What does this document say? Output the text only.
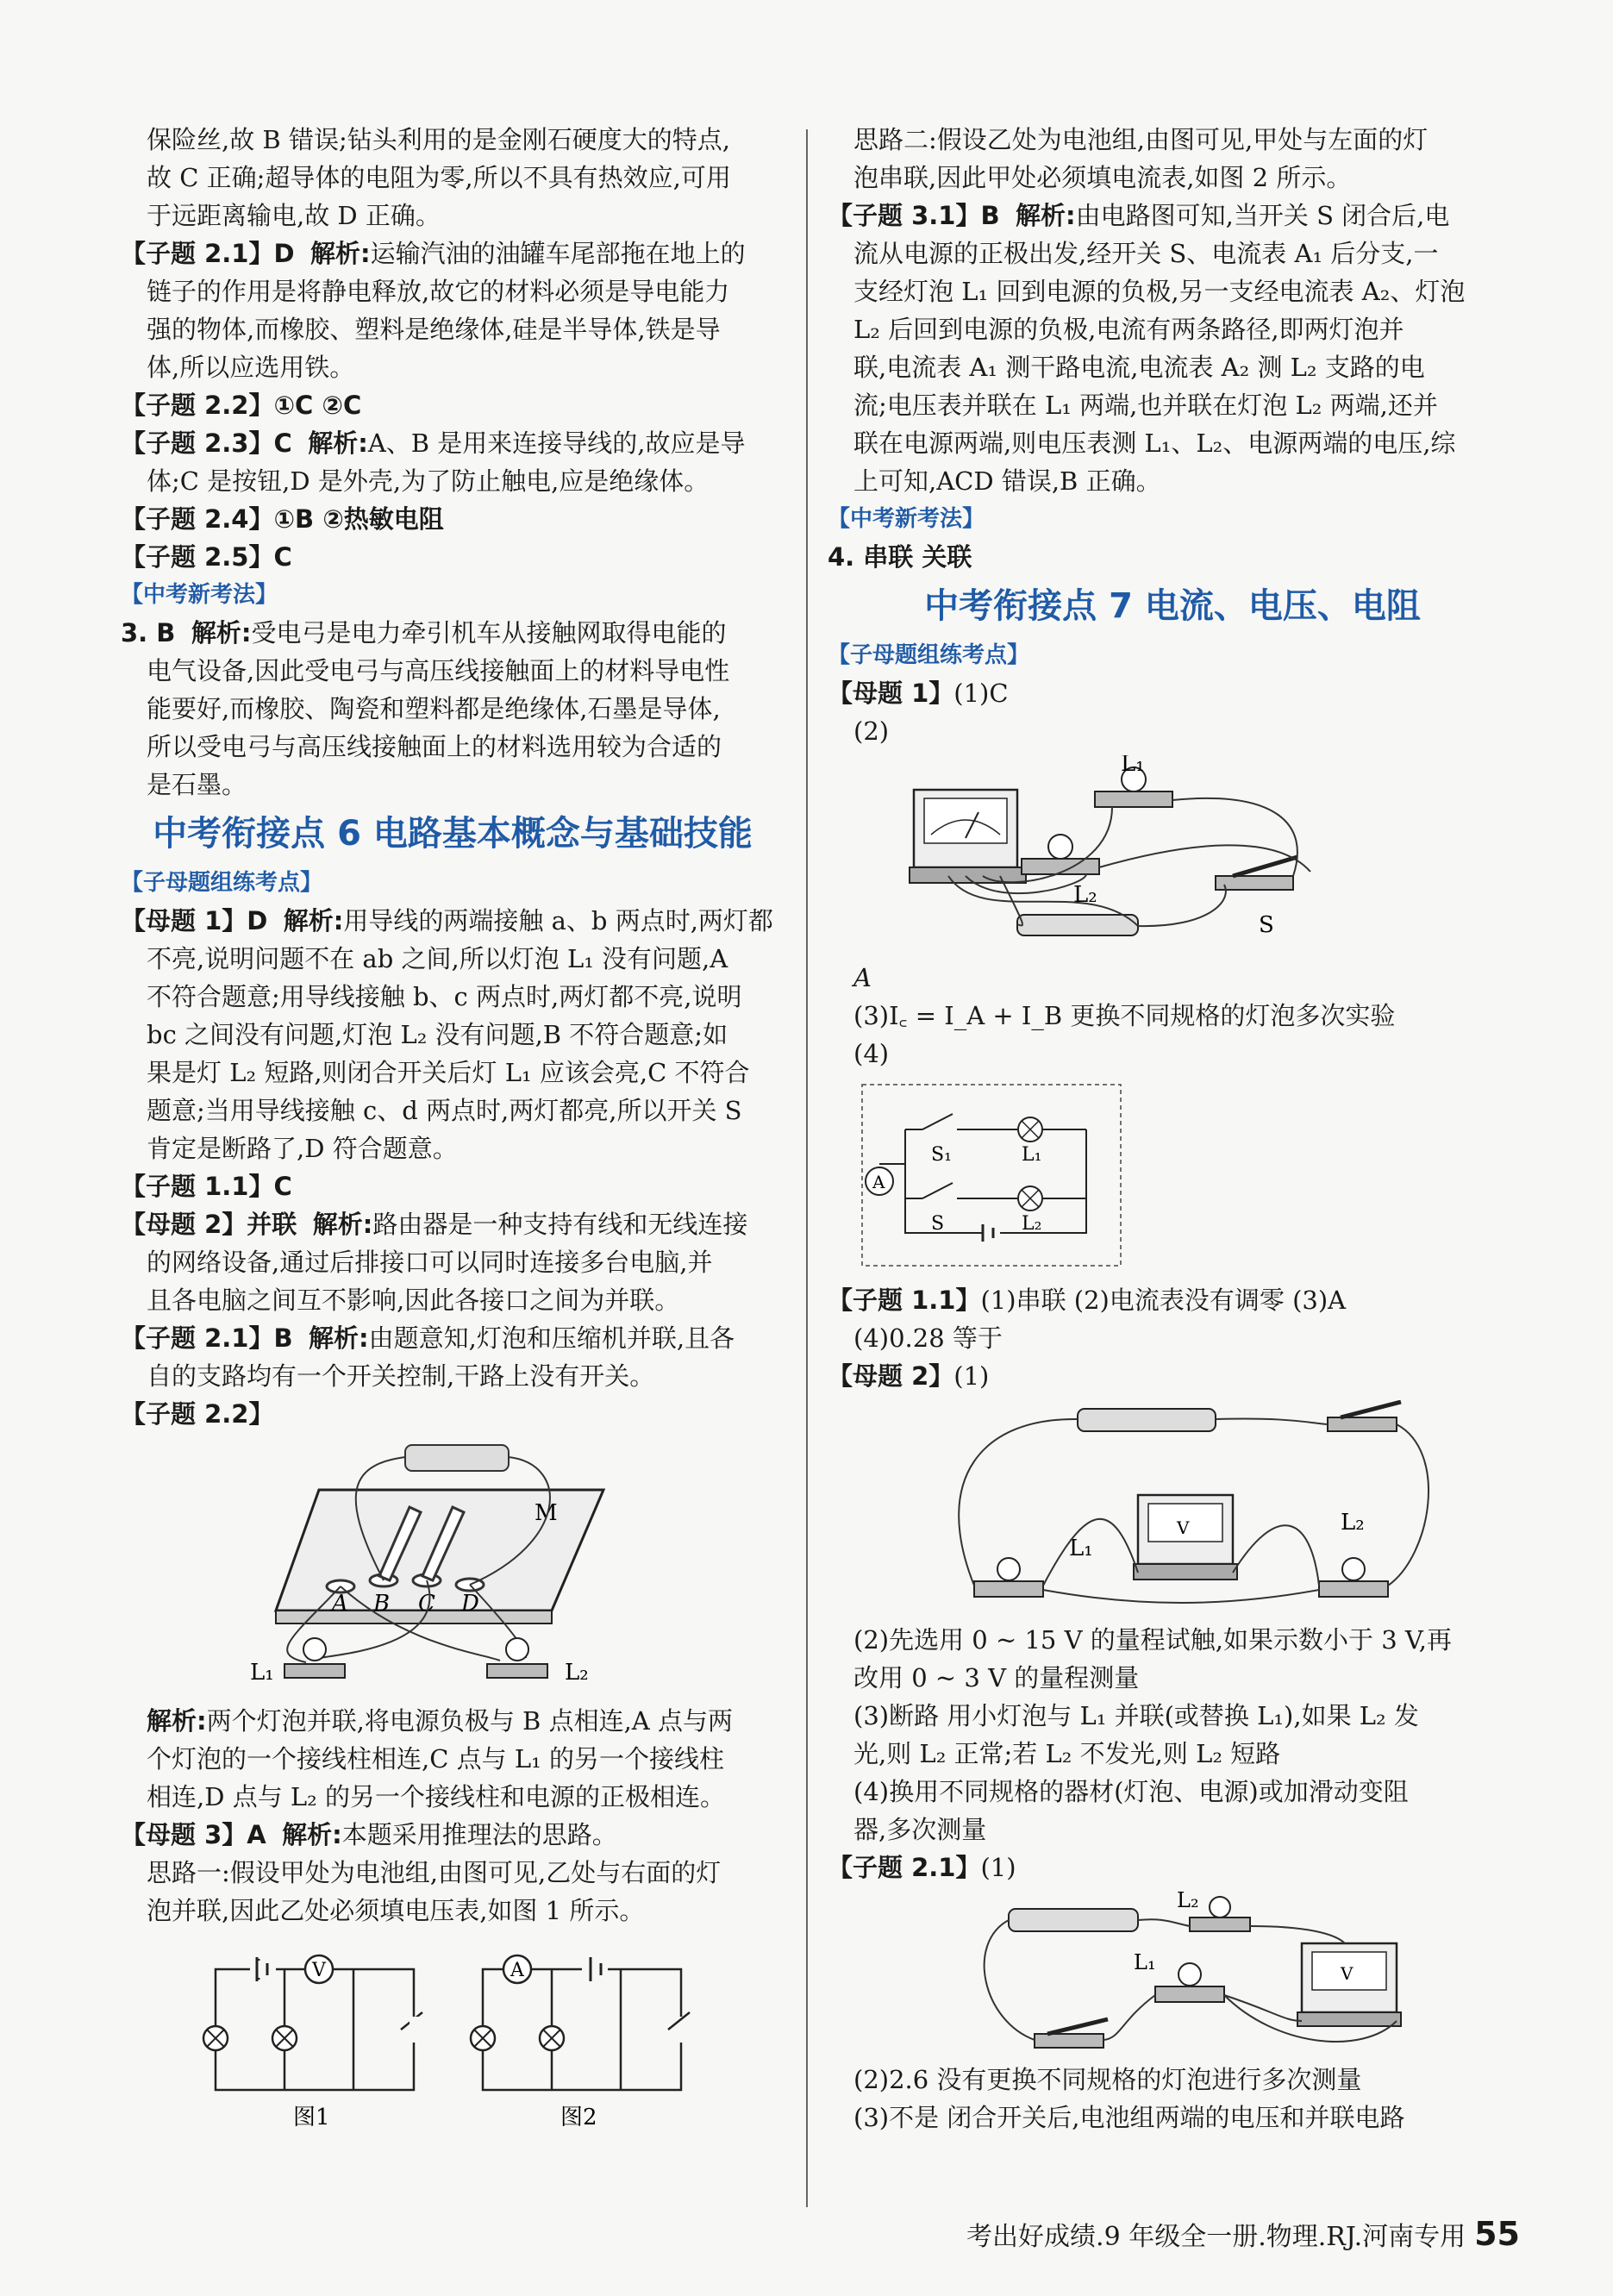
保险丝,故 B 错误;钻头利用的是金刚石硬度大的特点,

故 C 正确;超导体的电阻为零,所以不具有热效应,可用

于远距离输电,故 D 正确。

【子题 2.1】D 解析:运输汽油的油罐车尾部拖在地上的

链子的作用是将静电释放,故它的材料必须是导电能力

强的物体,而橡胶、塑料是绝缘体,硅是半导体,铁是导

体,所以应选用铁。

【子题 2.2】①C ②C

【子题 2.3】C 解析:A、B 是用来连接导线的,故应是导

体;C 是按钮,D 是外壳,为了防止触电,应是绝缘体。

【子题 2.4】①B ②热敏电阻

【子题 2.5】C

【中考新考法】

3. B 解析:受电弓是电力牵引机车从接触网取得电能的

电气设备,因此受电弓与高压线接触面上的材料导电性

能要好,而橡胶、陶瓷和塑料都是绝缘体,石墨是导体,

所以受电弓与高压线接触面上的材料选用较为合适的

是石墨。

中考衔接点 6 电路基本概念与基础技能

【子母题组练考点】

【母题 1】D 解析:用导线的两端接触 a、b 两点时,两灯都

不亮,说明问题不在 ab 之间,所以灯泡 L₁ 没有问题,A

不符合题意;用导线接触 b、c 两点时,两灯都不亮,说明

bc 之间没有问题,灯泡 L₂ 没有问题,B 不符合题意;如

果是灯 L₂ 短路,则闭合开关后灯 L₁ 应该会亮,C 不符合

题意;当用导线接触 c、d 两点时,两灯都亮,所以开关 S

肯定是断路了,D 符合题意。

【子题 1.1】C

【母题 2】并联 解析:路由器是一种支持有线和无线连接

的网络设备,通过后排接口可以同时连接多台电脑,并

且各电脑之间互不影响,因此各接口之间为并联。

【子题 2.1】B 解析:由题意知,灯泡和压缩机并联,且各

自的支路均有一个开关控制,干路上没有开关。

【子题 2.2】

M
A B C D
L₁	L₂

解析:两个灯泡并联,将电源负极与 B 点相连,A 点与两

个灯泡的一个接线柱相连,C 点与 L₁ 的另一个接线柱

相连,D 点与 L₂ 的另一个接线柱和电源的正极相连。

【母题 3】A 解析:本题采用推理法的思路。

思路一:假设甲处为电池组,由图可见,乙处与右面的灯

泡并联,因此乙处必须填电压表,如图 1 所示。

V	A
图1	图2

思路二:假设乙处为电池组,由图可见,甲处与左面的灯

泡串联,因此甲处必须填电流表,如图 2 所示。

【子题 3.1】B 解析:由电路图可知,当开关 S 闭合后,电

流从电源的正极出发,经开关 S、电流表 A₁ 后分支,一

支经灯泡 L₁ 回到电源的负极,另一支经电流表 A₂、灯泡

L₂ 后回到电源的负极,电流有两条路径,即两灯泡并

联,电流表 A₁ 测干路电流,电流表 A₂ 测 L₂ 支路的电

流;电压表并联在 L₁ 两端,也并联在灯泡 L₂ 两端,还并

联在电源两端,则电压表测 L₁、L₂、电源两端的电压,综

上可知,ACD 错误,B 正确。

【中考新考法】

4. 串联 关联

中考衔接点 7 电流、电压、电阻

【子母题组练考点】

【母题 1】(1)C

(2)

L₁
L₂
S

A

(3)I꜀ = I_A + I_B 更换不同规格的灯泡多次实验

(4)

A
S₁
S
L₁
L₂

【子题 1.1】(1)串联 (2)电流表没有调零 (3)A

(4)0.28 等于

【母题 2】(1)

V
L₁
L₂

(2)先选用 0 ~ 15 V 的量程试触,如果示数小于 3 V,再

改用 0 ~ 3 V 的量程测量

(3)断路 用小灯泡与 L₁ 并联(或替换 L₁),如果 L₂ 发

光,则 L₂ 正常;若 L₂ 不发光,则 L₂ 短路

(4)换用不同规格的器材(灯泡、电源)或加滑动变阻

器,多次测量

【子题 2.1】(1)

L₂
L₁	V

(2)2.6 没有更换不同规格的灯泡进行多次测量

(3)不是 闭合开关后,电池组两端的电压和并联电路

考出好成绩.9 年级全一册.物理.RJ.河南专用 55
